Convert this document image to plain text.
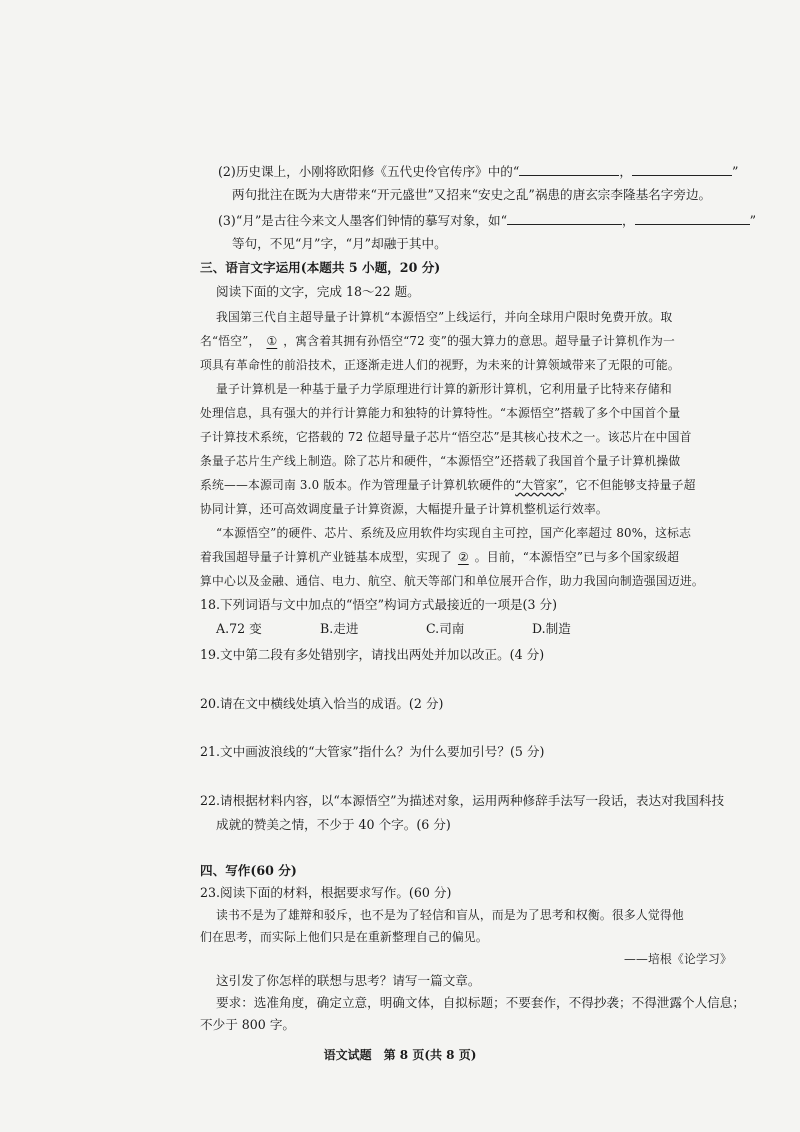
(2)历史课上，小刚将欧阳修《五代史伶官传序》中的“	，	”
两句批注在既为大唐带来“开元盛世”又招来“安史之乱”祸患的唐玄宗李隆基名字旁边。
(3)“月”是古往今来文人墨客们钟情的摹写对象，如“	，	”
等句，不见“月”字，“月”却融于其中。
三、语言文字运用(本题共 5 小题，20 分)
阅读下面的文字，完成 18～22 题。
我国第三代自主超导量子计算机“本源悟空”上线运行，并向全球用户限时免费开放。取
名“悟空”， ① ，寓含着其拥有孙悟空“72 变”的强大算力的意思。超导量子计算机作为一
项具有革命性的前沿技术，正逐渐走进人们的视野，为未来的计算领域带来了无限的可能。
量子计算机是一种基于量子力学原理进行计算的新形计算机，它利用量子比特来存储和
处理信息，具有强大的并行计算能力和独特的计算特性。“本源悟空”搭载了多个中国首个量
子计算技术系统，它搭载的 72 位超导量子芯片“悟空芯”是其核心技术之一。该芯片在中国首
条量子芯片生产线上制造。除了芯片和硬件，“本源悟空”还搭载了我国首个量子计算机操做
系统——本源司南 3.0 版本。作为管理量子计算机软硬件的“大管家”，它不但能够支持量子超
协同计算，还可高效调度量子计算资源，大幅提升量子计算机整机运行效率。
“本源悟空”的硬件、芯片、系统及应用软件均实现自主可控，国产化率超过 80%，这标志
着我国超导量子计算机产业链基本成型，实现了 ② 。目前，“本源悟空”已与多个国家级超
算中心以及金融、通信、电力、航空、航天等部门和单位展开合作，助力我国向制造强国迈进。
18.下列词语与文中加点的“悟空”构词方式最接近的一项是(3 分)
A.72 变	B.走进	C.司南	D.制造
19.文中第二段有多处错别字，请找出两处并加以改正。(4 分)
20.请在文中横线处填入恰当的成语。(2 分)
21.文中画波浪线的“大管家”指什么？为什么要加引号？(5 分)
22.请根据材料内容，以“本源悟空”为描述对象，运用两种修辞手法写一段话，表达对我国科技
成就的赞美之情，不少于 40 个字。(6 分)
四、写作(60 分)
23.阅读下面的材料，根据要求写作。(60 分)
读书不是为了雄辩和驳斥，也不是为了轻信和盲从，而是为了思考和权衡。很多人觉得他
们在思考，而实际上他们只是在重新整理自己的偏见。
——培根《论学习》
这引发了你怎样的联想与思考？请写一篇文章。
要求：选准角度，确定立意，明确文体，自拟标题；不要套作，不得抄袭；不得泄露个人信息；
不少于 800 字。
语文试题　第 8 页(共 8 页)
